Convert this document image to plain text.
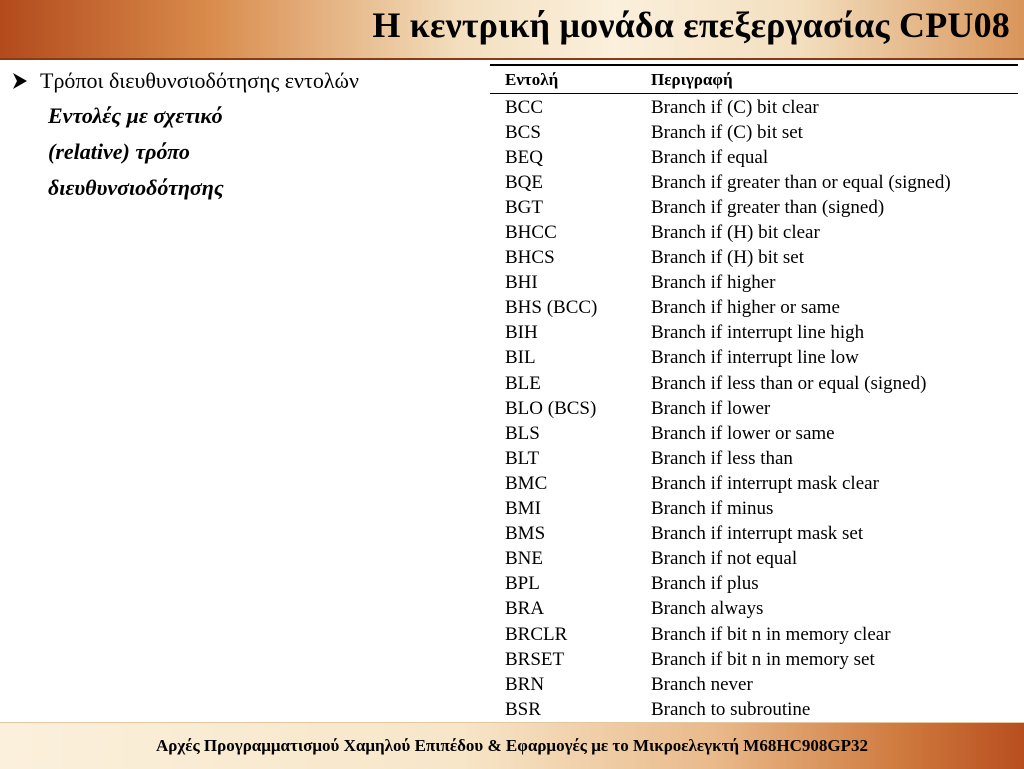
Η κεντρική μονάδα επεξεργασίας CPU08
Τρόποι διευθυνσιοδότησης εντολών
Εντολές με σχετικό
(relative) τρόπο
διευθυνσιοδότησης
Εντολή	Περιγραφή
BCC	Branch if (C) bit clear
BCS	Branch if (C) bit set
BEQ	Branch if equal
BQE	Branch if greater than or equal (signed)
BGT	Branch if greater than (signed)
BHCC	Branch if (H) bit clear
BHCS	Branch if (H) bit set
BHI	Branch if higher
BHS (BCC)	Branch if higher or same
BIH	Branch if interrupt line high
BIL	Branch if interrupt line low
BLE	Branch if less than or equal (signed)
BLO (BCS)	Branch if lower
BLS	Branch if lower or same
BLT	Branch if less than
BMC	Branch if interrupt mask clear
BMI	Branch if minus
BMS	Branch if interrupt mask set
BNE	Branch if not equal
BPL	Branch if plus
BRA	Branch always
BRCLR	Branch if bit n in memory clear
BRSET	Branch if bit n in memory set
BRN	Branch never
BSR	Branch to subroutine
Αρχές Προγραμματισμού Χαμηλού Επιπέδου & Εφαρμογές με το Μικροελεγκτή M68HC908GP32
